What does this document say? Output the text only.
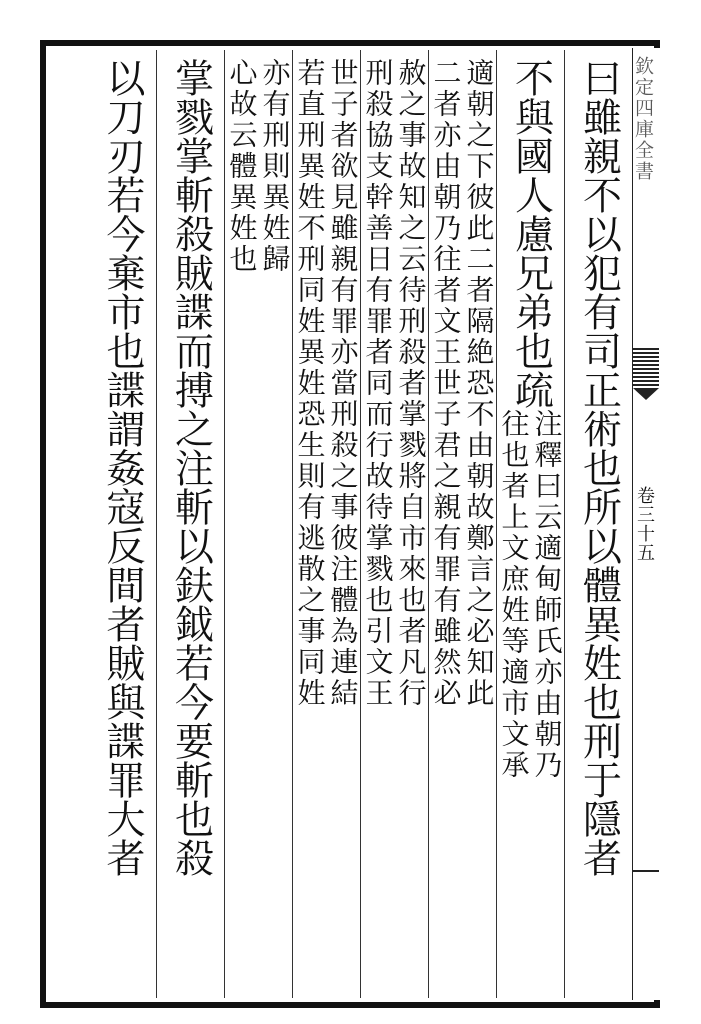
欽定四庫全書
卷三十五
曰雖親不以犯有司正術也所以體異姓也刑于隱者
不與國人慮兄弟也疏
注釋曰云適甸師氏亦由朝乃
往也者上文庶姓等適市文承
適朝之下彼此二者隔絶恐不由朝故鄭言之必知此
二者亦由朝乃往者文王世子君之親有罪有雖然必
赦之事故知之云待刑殺者掌戮將自市來也者凡行
刑殺協支幹善日有罪者同而行故待掌戮也引文王
世子者欲見雖親有罪亦當刑殺之事彼注體為連結
若直刑異姓不刑同姓異姓恐生則有逃散之事同姓
亦有刑則異姓歸
心故云體異姓也
掌戮掌斬殺賊諜而搏之
注斬以鈇鉞若今要斬也殺
以刀刃若今棄市也諜謂姦寇反間者賊與諜罪大者
